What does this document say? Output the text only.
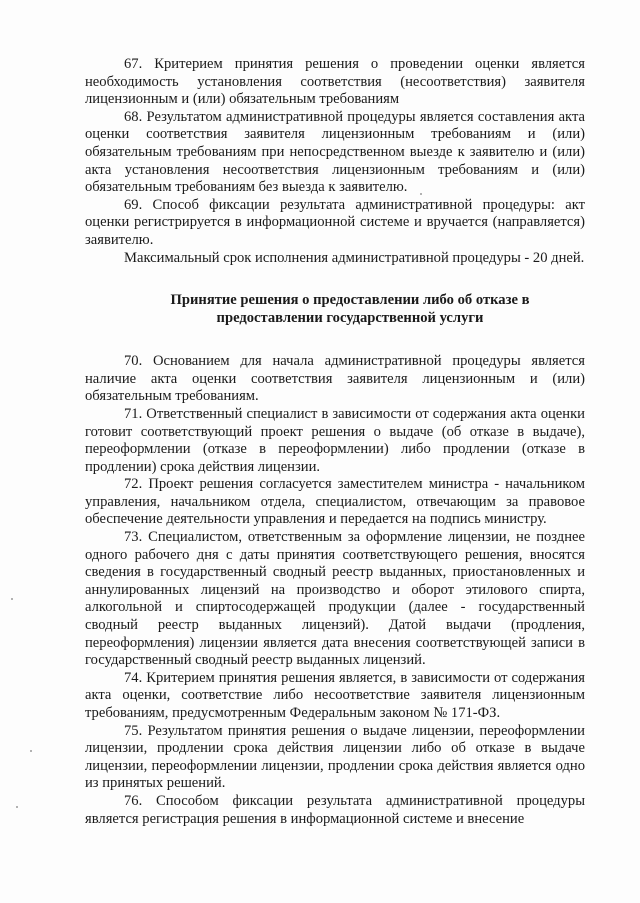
67. Критерием принятия решения о проведении оценки является необходимость установления соответствия (несоответствия) заявителя лицензионным и (или) обязательным требованиям

68. Результатом административной процедуры является составления акта оценки соответствия заявителя лицензионным требованиям и (или) обязательным требованиям при непосредственном выезде к заявителю и (или) акта установления несоответствия лицензионным требованиям и (или) обязательным требованиям без выезда к заявителю.

69. Способ фиксации результата административной процедуры: акт оценки регистрируется в информационной системе и вручается (направляется) заявителю.

Максимальный срок исполнения административной процедуры - 20 дней.

Принятие решения о предоставлении либо об отказе в
предоставлении государственной услуги

70. Основанием для начала административной процедуры является наличие акта оценки соответствия заявителя лицензионным и (или) обязательным требованиям.

71. Ответственный специалист в зависимости от содержания акта оценки готовит соответствующий проект решения о выдаче (об отказе в выдаче), переоформлении (отказе в переоформлении) либо продлении (отказе в продлении) срока действия лицензии.

72. Проект решения согласуется заместителем министра - начальником управления, начальником отдела, специалистом, отвечающим за правовое обеспечение деятельности управления и передается на подпись министру.

73. Специалистом, ответственным за оформление лицензии, не позднее одного рабочего дня с даты принятия соответствующего решения, вносятся сведения в государственный сводный реестр выданных, приостановленных и аннулированных лицензий на производство и оборот этилового спирта, алкогольной и спиртосодержащей продукции (далее - государственный сводный реестр выданных лицензий). Датой выдачи (продления, переоформления) лицензии является дата внесения соответствующей записи в государственный сводный реестр выданных лицензий.

74. Критерием принятия решения является, в зависимости от содержания акта оценки, соответствие либо несоответствие заявителя лицензионным требованиям, предусмотренным Федеральным законом № 171-ФЗ.

75. Результатом принятия решения о выдаче лицензии, переоформлении лицензии, продлении срока действия лицензии либо об отказе в выдаче лицензии, переоформлении лицензии, продлении срока действия является одно из принятых решений.

76. Способом фиксации результата административной процедуры является регистрация решения в информационной системе и внесение
